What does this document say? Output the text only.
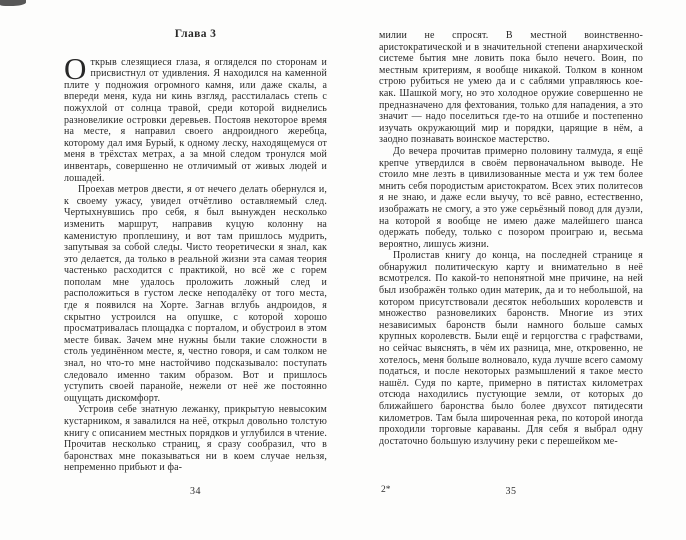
Глава 3

Открыв слезящиеся глаза, я огляделся по сторонам и присвистнул от удивления. Я находился на каменной плите у подножия огромного камня, или даже скалы, а впереди меня, куда ни кинь взгляд, расстилалась степь с пожухлой от солнца травой, среди которой виднелись разновеликие островки деревьев. Постояв некоторое время на месте, я направил своего андроидного жеребца, которому дал имя Бурый, к одному леску, находящемуся от меня в трёхстах метрах, а за мной следом тронулся мой инвентарь, совершенно не отличимый от живых людей и лошадей.

Проехав метров двести, я от нечего делать обернулся и, к своему ужасу, увидел отчётливо оставляемый след. Чертыхнувшись про себя, я был вынужден несколько изменить маршрут, направив куцую колонну на каменистую проплешину, и вот там пришлось мудрить, запутывая за собой следы. Чисто теоретически я знал, как это делается, да только в реальной жизни эта самая теория частенько расходится с практикой, но всё же с горем пополам мне удалось проложить ложный след и расположиться в густом леске неподалёку от того места, где я появился на Хорте. Загнав вглубь андроидов, я скрытно устроился на опушке, с которой хорошо просматривалась площадка с порталом, и обустроил в этом месте бивак. Зачем мне нужны были такие сложности в столь уединённом месте, я, честно говоря, и сам толком не знал, но что-то мне настойчиво подсказывало: поступать следовало именно таким образом. Вот и пришлось уступить своей паранойе, нежели от неё же постоянно ощущать дискомфорт.

Устроив себе знатную лежанку, прикрытую невысоким кустарником, я завалился на неё, открыл довольно толстую книгу с описанием местных порядков и углубился в чтение. Прочитав несколько страниц, я сразу сообразил, что в баронствах мне показываться ни в коем случае нельзя, непременно прибьют и фа-

милии не спросят. В местной воинственно-аристократической и в значительной степени анархической системе бытия мне ловить пока было нечего. Воин, по местным критериям, я вообще никакой. Толком в конном строю рубиться не умею да и с саблями управляюсь кое-как. Шашкой могу, но это холодное оружие совершенно не предназначено для фехтования, только для нападения, а это значит — надо поселиться где-то на отшибе и постепенно изучать окружающий мир и порядки, царящие в нём, а заодно познавать воинское мастерство.

До вечера прочитав примерно половину талмуда, я ещё крепче утвердился в своём первоначальном выводе. Не стоило мне лезть в цивилизованные места и уж тем более мнить себя породистым аристократом. Всех этих политесов я не знаю, и даже если выучу, то всё равно, естественно, изображать не смогу, а это уже серьёзный повод для дуэли, на которой я вообще не имею даже малейшего шанса одержать победу, только с позором проиграю и, весьма вероятно, лишусь жизни.

Пролистав книгу до конца, на последней странице я обнаружил политическую карту и внимательно в неё всмотрелся. По какой-то непонятной мне причине, на ней был изображён только один материк, да и то небольшой, на котором присутствовали десяток небольших королевств и множество разновеликих баронств. Многие из этих независимых баронств были намного больше самых крупных королевств. Были ещё и герцогства с графствами, но сейчас выяснять, в чём их разница, мне, откровенно, не хотелось, меня больше волновало, куда лучше всего самому податься, и после некоторых размышлений я такое место нашёл. Судя по карте, примерно в пятистах километрах отсюда находились пустующие земли, от которых до ближайшего баронства было более двухсот пятидесяти километров. Там была широченная река, по которой иногда проходили торговые караваны. Для себя я выбрал одну достаточно большую излучину реки с перешейком ме-

34	2*	35
